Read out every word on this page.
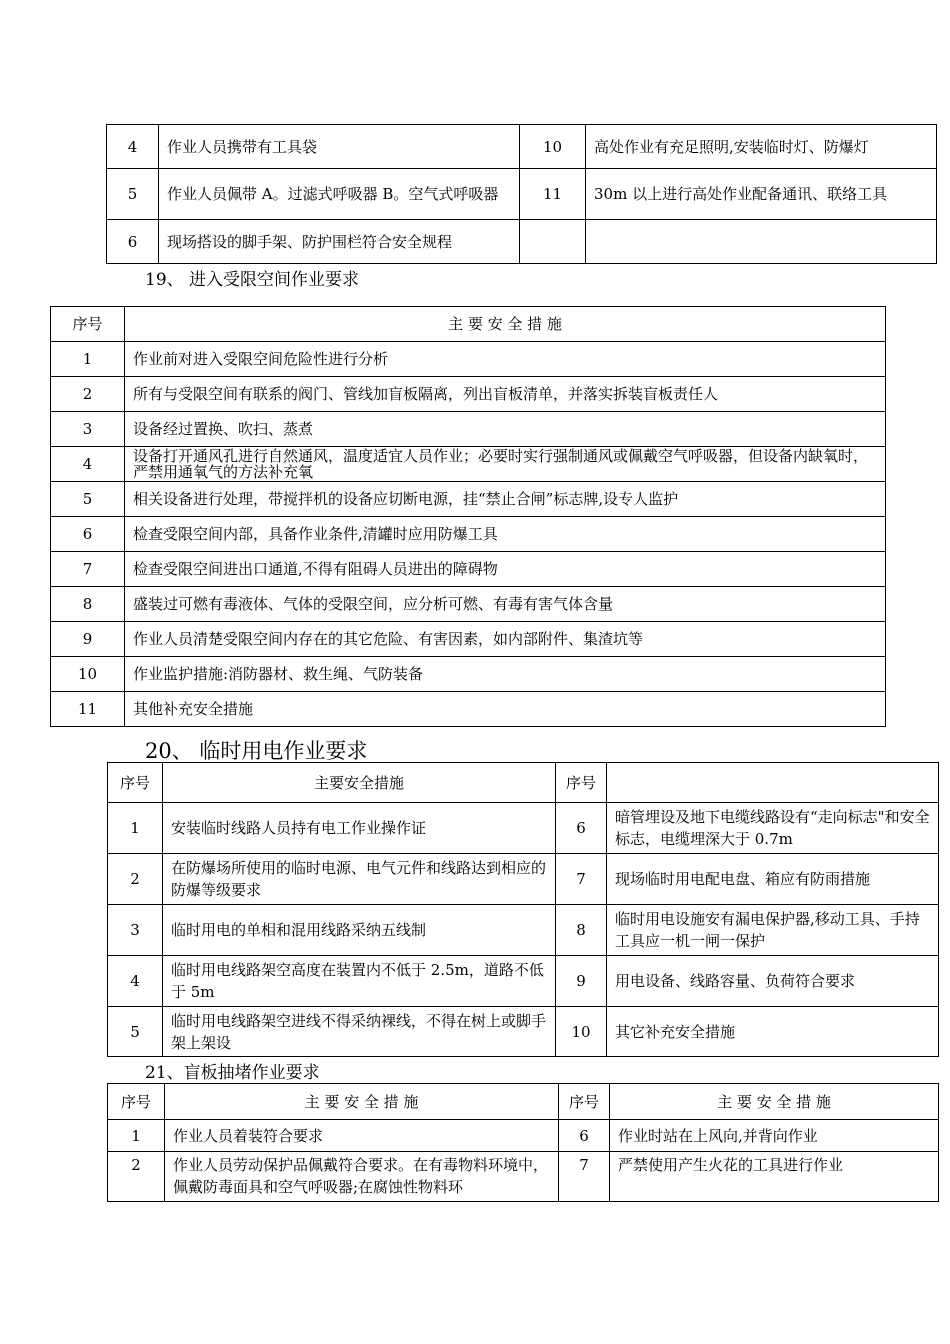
4	作业人员携带有工具袋	10	高处作业有充足照明,安装临时灯、防爆灯
5	作业人员佩带 A。过滤式呼吸器 B。空气式呼吸器	11	30m 以上进行高处作业配备通讯、联络工具
6	现场搭设的脚手架、防护围栏符合安全规程		
19、 进入受限空间作业要求
序号	主 要 安 全 措 施
1	作业前对进入受限空间危险性进行分析
2	所有与受限空间有联系的阀门、管线加盲板隔离，列出盲板清单，并落实拆装盲板责任人
3	设备经过置换、吹扫、蒸煮
4	设备打开通风孔进行自然通风，温度适宜人员作业；必要时实行强制通风或佩戴空气呼吸器，但设备内缺氧时，严禁用通氧气的方法补充氧
5	相关设备进行处理，带搅拌机的设备应切断电源，挂“禁止合闸”标志牌,设专人监护
6	检查受限空间内部，具备作业条件,清罐时应用防爆工具
7	检查受限空间进出口通道,不得有阻碍人员进出的障碍物
8	盛装过可燃有毒液体、气体的受限空间，应分析可燃、有毒有害气体含量
9	作业人员清楚受限空间内存在的其它危险、有害因素，如内部附件、集渣坑等
10	作业监护措施:消防器材、救生绳、气防装备
11	其他补充安全措施
20、 临时用电作业要求
序号	主要安全措施	序号	
1	安装临时线路人员持有电工作业操作证	6	暗管埋设及地下电缆线路设有“走向标志"和安全标志，电缆埋深大于 0.7m
2	在防爆场所使用的临时电源、电气元件和线路达到相应的防爆等级要求	7	现场临时用电配电盘、箱应有防雨措施
3	临时用电的单相和混用线路采纳五线制	8	临时用电设施安有漏电保护器,移动工具、手持工具应一机一闸一保护
4	临时用电线路架空高度在装置内不低于 2.5m，道路不低于 5m	9	用电设备、线路容量、负荷符合要求
5	临时用电线路架空进线不得采纳裸线，不得在树上或脚手架上架设	10	其它补充安全措施
21、盲板抽堵作业要求
序号	主 要 安 全 措 施	序号	主 要 安 全 措 施
1	作业人员着装符合要求	6	作业时站在上风向,并背向作业
2	作业人员劳动保护品佩戴符合要求。在有毒物料环境中，佩戴防毒面具和空气呼吸器;在腐蚀性物料环	7	严禁使用产生火花的工具进行作业
